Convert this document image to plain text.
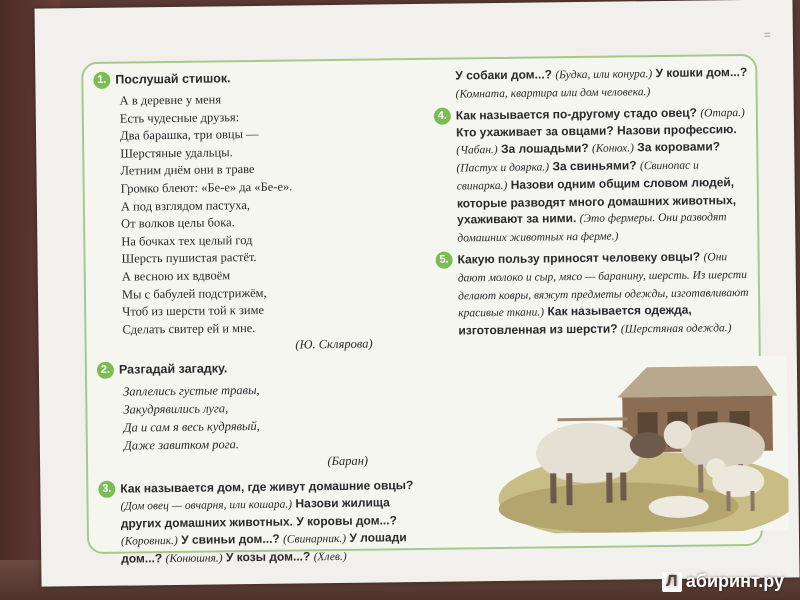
=
1. Послушай стишок.
А в деревне у меня
Есть чудесные друзья:
Два барашка, три овцы —
Шерстяные удальцы.
Летним днём они в траве
Громко блеют: «Бе-е» да «Бе-е».
А под взглядом пастуха,
От волков целы бока.
На бочках тех целый год
Шерсть пушистая растёт.
А весною их вдвоём
Мы с бабулей подстрижём,
Чтоб из шерсти той к зиме
Сделать свитер ей и мне.
(Ю. Склярова)
2. Разгадай загадку.
Заплелись густые травы,
Закудрявились луга,
Да и сам я весь кудрявый,
Даже завитком рога.
(Баран)
3. Как называется дом, где живут домашние овцы? (Дом овец — овчарня, или кошара.) Назови жилища других домашних животных. У коровы дом...? (Коровник.) У свиньи дом...? (Свинарник.) У лошади дом...? (Конюшня.) У козы дом...? (Хлев.)
У собаки дом...? (Будка, или конура.) У кошки дом...? (Комната, квартира или дом человека.)
4. Как называется по-другому стадо овец? (Отара.) Кто ухаживает за овцами? Назови профессию. (Чабан.) За лошадьми? (Конюх.) За коровами? (Пастух и доярка.) За свиньями? (Свинопас и свинарка.) Назови одним общим словом людей, которые разводят много домашних животных, ухаживают за ними. (Это фермеры. Они разводят домашних животных на ферме.)
5. Какую пользу приносят человеку овцы? (Они дают молоко и сыр, мясо — баранину, шерсть. Из шерсти делают ковры, вяжут предметы одежды, изготавливают красивые ткани.) Как называется одежда, изготовленная из шерсти? (Шерстяная одежда.)
Л абиринт.ру
